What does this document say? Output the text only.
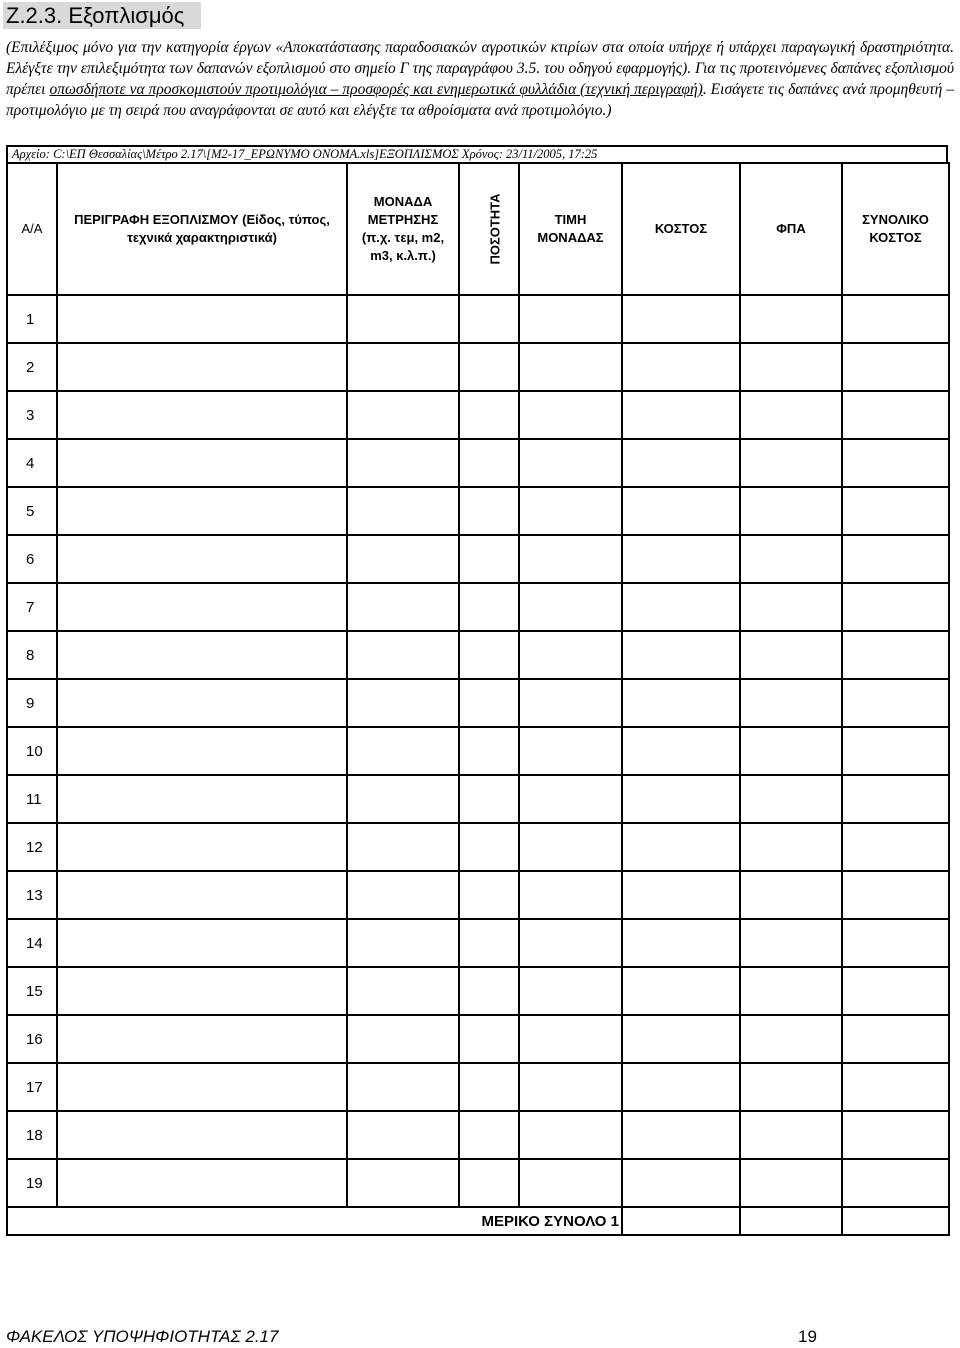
Ζ.2.3. Εξοπλισμός
(Επιλέξιμος μόνο για την κατηγορία έργων «Αποκατάστασης παραδοσιακών αγροτικών κτιρίων στα οποία υπήρχε ή υπάρχει παραγωγική δραστηριότητα. Ελέγξτε την επιλεξιμότητα των δαπανών εξοπλισμού στο σημείο Γ της παραγράφου 3.5. του οδηγού εφαρμογής). Για τις προτεινόμενες δαπάνες εξοπλισμού πρέπει οπωσδήποτε να προσκομιστούν προτιμολόγια – προσφορές και ενημερωτικά φυλλάδια (τεχνική περιγραφή). Εισάγετε τις δαπάνες ανά προμηθευτή –προτιμολόγιο με τη σειρά που αναγράφονται σε αυτό και ελέγξτε τα αθροίσματα ανά προτιμολόγιο.)
Αρχείο: C:\ΕΠ Θεσσαλίας\Μέτρο 2.17\[Μ2-17_ΕΡΩΝΥΜΟ ΟΝΟΜΑ.xls]ΕΞΟΠΛΙΣΜΟΣ Χρόνος: 23/11/2005, 17:25
Α/Α	ΠΕΡΙΓΡΑΦΗ ΕΞΟΠΛΙΣΜΟΥ (Είδος, τύπος, τεχνικά χαρακτηριστικά)	ΜΟΝΑΔΑ ΜΕΤΡΗΣΗΣ (π.χ. τεμ, m2, m3, κ.λ.π.)	ΠΟΣΟΤΗΤΑ	ΤΙΜΗ ΜΟΝΑΔΑΣ	ΚΟΣΤΟΣ	ΦΠΑ	ΣΥΝΟΛΙΚΟ ΚΟΣΤΟΣ
1							
2							
3							
4							
5							
6							
7							
8							
9							
10							
11							
12							
13							
14							
15							
16							
17							
18							
19							
ΜΕΡΙΚΟ ΣΥΝΟΛΟ 1							
ΦΑΚΕΛΟΣ ΥΠΟΨΗΦΙΟΤΗΤΑΣ 2.17	19
